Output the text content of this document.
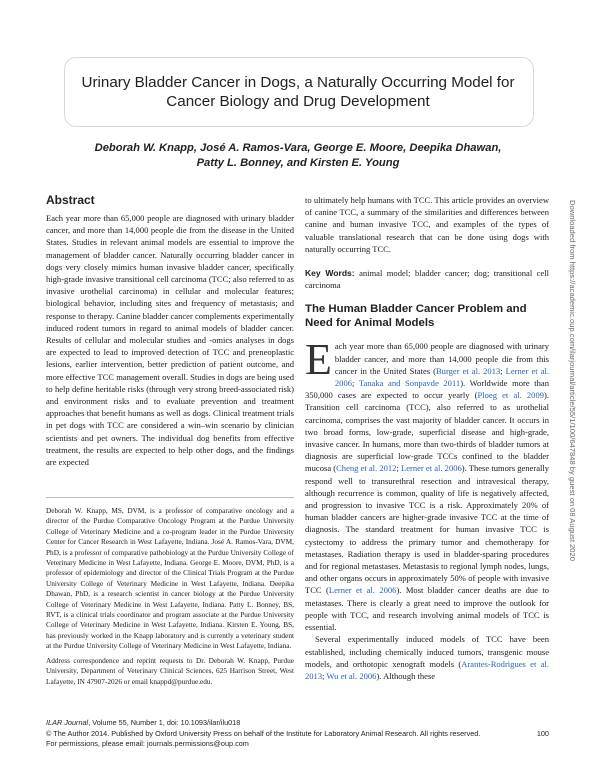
Urinary Bladder Cancer in Dogs, a Naturally Occurring Model for Cancer Biology and Drug Development
Deborah W. Knapp, José A. Ramos-Vara, George E. Moore, Deepika Dhawan,
Patty L. Bonney, and Kirsten E. Young
Abstract
Each year more than 65,000 people are diagnosed with urinary bladder cancer, and more than 14,000 people die from the disease in the United States. Studies in relevant animal models are essential to improve the management of bladder cancer. Naturally occurring bladder cancer in dogs very closely mimics human invasive bladder cancer, specifically high-grade invasive transitional cell carcinoma (TCC; also referred to as invasive urothelial carcinoma) in cellular and molecular features; biological behavior, including sites and frequency of metastasis; and response to therapy. Canine bladder cancer complements experimentally induced rodent tumors in regard to animal models of bladder cancer. Results of cellular and molecular studies and -omics analyses in dogs are expected to lead to improved detection of TCC and preneoplastic lesions, earlier intervention, better prediction of patient outcome, and more effective TCC management overall. Studies in dogs are being used to help define heritable risks (through very strong breed-associated risk) and environment risks and to evaluate prevention and treatment approaches that benefit humans as well as dogs. Clinical treatment trials in pet dogs with TCC are considered a win–win scenario by clinician scientists and pet owners. The individual dog benefits from effective treatment, the results are expected to help other dogs, and the findings are expected

Deborah W. Knapp, MS, DVM, is a professor of comparative oncology and a director of the Purdue Comparative Oncology Program at the Purdue University College of Veterinary Medicine and a co-program leader in the Purdue University Center for Cancer Research in West Lafayette, Indiana. José A. Ramos-Vara, DVM, PhD, is a professor of comparative pathobiology at the Purdue University College of Veterinary Medicine in West Lafayette, Indiana. George E. Moore, DVM, PhD, is a professor of epidemiology and director of the Clinical Trials Program at the Purdue University College of Veterinary Medicine in West Lafayette, Indiana. Deepika Dhawan, PhD, is a research scientist in cancer biology at the Purdue University College of Veterinary Medicine in West Lafayette, Indiana. Patty L. Bonney, BS, RVT, is a clinical trials coordinator and program associate at the Purdue University College of Veterinary Medicine in West Lafayette, Indiana. Kirsten E. Young, BS, has previously worked in the Knapp laboratory and is currently a veterinary student at the Purdue University College of Veterinary Medicine in West Lafayette, Indiana.

Address correspondence and reprint requests to Dr. Deborah W. Knapp, Purdue University, Department of Veterinary Clinical Sciences, 625 Harrison Street, West Lafayette, IN 47907-2026 or email knappd@purdue.edu.

to ultimately help humans with TCC. This article provides an overview of canine TCC, a summary of the similarities and differences between canine and human invasive TCC, and examples of the types of valuable translational research that can be done using dogs with naturally occurring TCC.
Key Words: animal model; bladder cancer; dog; transitional cell carcinoma
The Human Bladder Cancer Problem and Need for Animal Models
Each year more than 65,000 people are diagnosed with urinary bladder cancer, and more than 14,000 people die from this cancer in the United States (Burger et al. 2013; Lerner et al. 2006; Tanaka and Sonpavde 2011). Worldwide more than 350,000 cases are expected to occur yearly (Ploeg et al. 2009). Transition cell carcinoma (TCC), also referred to as urothelial carcinoma, comprises the vast majority of bladder cancer. It occurs in two broad forms, low-grade, superficial disease and high-grade, invasive cancer. In humans, more than two-thirds of bladder tumors at diagnosis are superficial low-grade TCCs confined to the bladder mucosa (Cheng et al. 2012; Lerner et al. 2006). These tumors generally respond well to transurethral resection and intravesical therapy, although recurrence is common, quality of life is negatively affected, and progression to invasive TCC is a risk. Approximately 20% of human bladder cancers are higher-grade invasive TCC at the time of diagnosis. The standard treatment for human invasive TCC is cystectomy to address the primary tumor and chemotherapy for metastases. Radiation therapy is used in bladder-sparing procedures and for regional metastases. Metastasis to regional lymph nodes, lungs, and other organs occurs in approximately 50% of people with invasive TCC (Lerner et al. 2006). Most bladder cancer deaths are due to metastases. There is clearly a great need to improve the outlook for people with TCC, and research involving animal models of TCC is essential.
Several experimentally induced models of TCC have been established, including chemically induced tumors, transgenic mouse models, and orthotopic xenograft models (Arantes-Rodrigues et al. 2013; Wu et al. 2006). Although these
Downloaded from https://academic.oup.com/ilarjournal/article/55/1/100/647848 by guest on 08 August 2020
ILAR Journal, Volume 55, Number 1, doi: 10.1093/ilar/ilu018
© The Author 2014. Published by Oxford University Press on behalf of the Institute for Laboratory Animal Research. All rights reserved.
For permissions, please email: journals.permissions@oup.com
100
